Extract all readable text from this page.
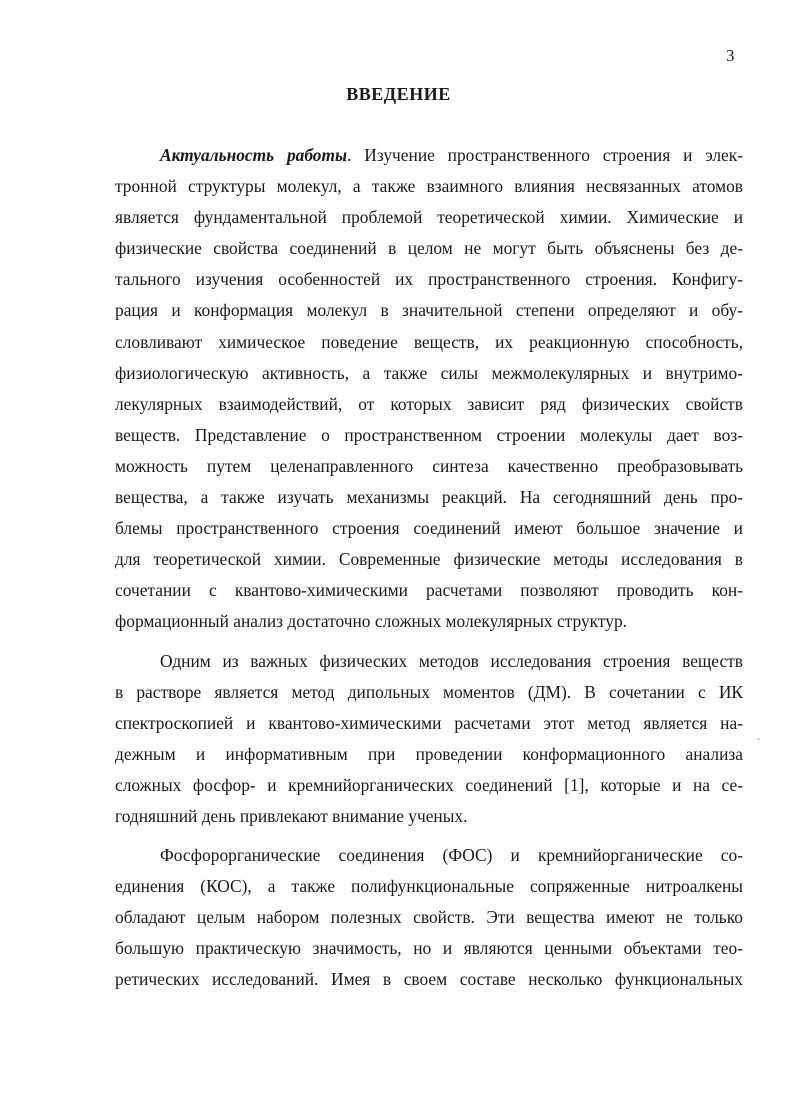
3
ВВЕДЕНИЕ
`
Актуальность работы. Изучение пространственного строения и элек-
тронной структуры молекул, а также взаимного влияния несвязанных атомов
является фундаментальной проблемой теоретической химии. Химические и
физические свойства соединений в целом не могут быть объяснены без де-
тального изучения особенностей их пространственного строения. Конфигу-
рация и конформация молекул в значительной степени определяют и обу-
словливают химическое поведение веществ, их реакционную способность,
физиологическую активность, а также силы межмолекулярных и внутримо-
лекулярных взаимодействий, от которых зависит ряд физических свойств
веществ. Представление о пространственном строении молекулы дает воз-
можность путем целенаправленного синтеза качественно преобразовывать
вещества, а также изучать механизмы реакций. На сегодняшний день про-
блемы пространственного строения соединений имеют большое значение и
для теоретической химии. Современные физические методы исследования в
сочетании с квантово-химическими расчетами позволяют проводить кон-
формационный анализ достаточно сложных молекулярных структур.
Одним из важных физических методов исследования строения веществ
в растворе является метод дипольных моментов (ДМ). В сочетании с ИК
спектроскопией и квантово-химическими расчетами этот метод является на-
дежным и информативным при проведении конформационного анализа
сложных фосфор- и кремнийорганических соединений [1], которые и на се-
годняшний день привлекают внимание ученых.
Фосфорорганические соединения (ФОС) и кремнийорганические со-
единения (КОС), а также полифункциональные сопряженные нитроалкены
обладают целым набором полезных свойств. Эти вещества имеют не только
большую практическую значимость, но и являются ценными объектами тео-
ретических исследований. Имея в своем составе несколько функциональных
